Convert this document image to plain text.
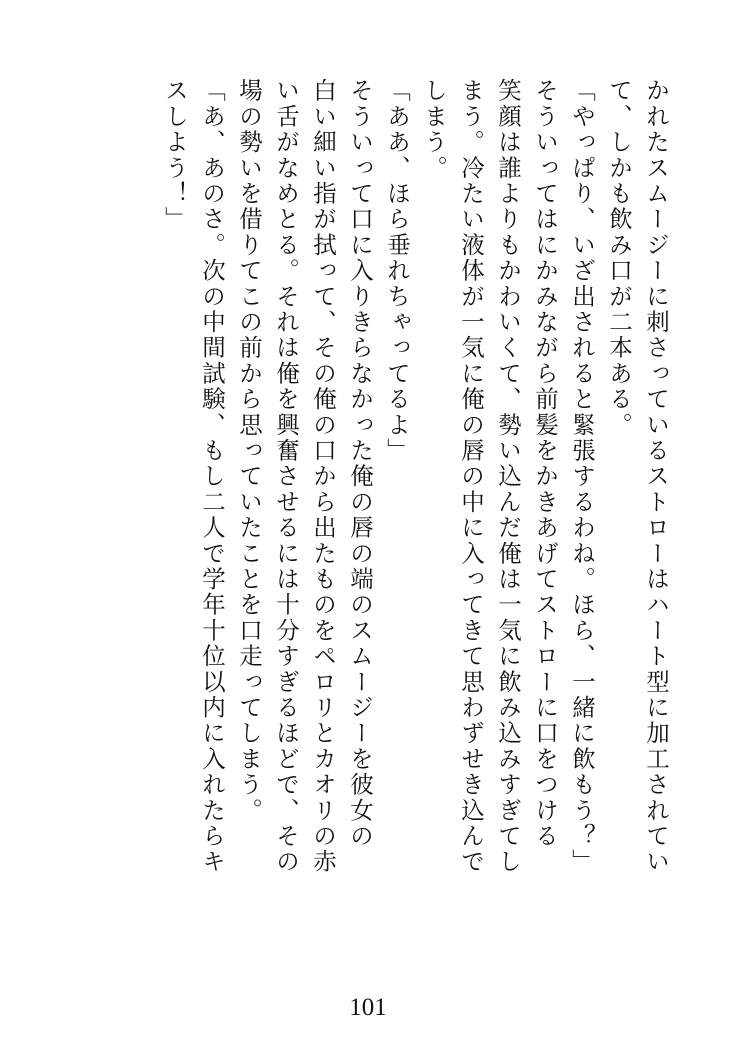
かれたスムージーに刺さっているストローはハート型に加工されてい
て、しかも飲み口が二本ある。
「やっぱり、いざ出されると緊張するわね。ほら、一緒に飲もう？」
そういってはにかみながら前髪をかきあげてストローに口をつける
笑顔は誰よりもかわいくて、勢い込んだ俺は一気に飲み込みすぎてし
まう。冷たい液体が一気に俺の唇の中に入ってきて思わずせき込んで
しまう。
「ああ、ほら垂れちゃってるよ」
そういって口に入りきらなかった俺の唇の端のスムージーを彼女の
白い細い指が拭って、その俺の口から出たものをペロリとカオリの赤
い舌がなめとる。それは俺を興奮させるには十分すぎるほどで、その
場の勢いを借りてこの前から思っていたことを口走ってしまう。
「あ、あのさ。次の中間試験、もし二人で学年十位以内に入れたらキ
スしよう！」
101
